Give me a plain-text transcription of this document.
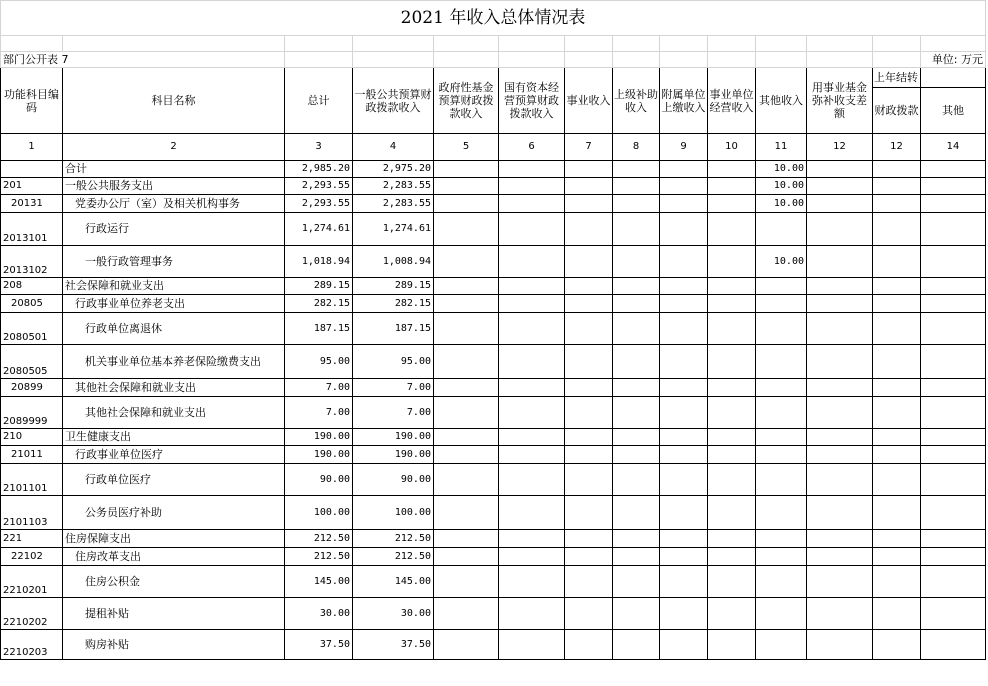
2021 年收入总体情况表													

部门公开表 7													单位: 万元
功能科目编码	科目名称	总计	一般公共预算财政拨款收入	政府性基金预算财政拨款收入	国有资本经营预算财政拨款收入	事业收入	上级补助收入	附属单位上缴收入	事业单位经营收入	其他收入	用事业基金弥补收支差额	上年结转	
												财政拨款	其他
1	2	3	4	5	6	7	8	9	10	11	12	12	14
	合计	2,985.20	2,975.20							10.00			
201	一般公共服务支出	2,293.55	2,283.55							10.00			
20131	党委办公厅（室）及相关机构事务	2,293.55	2,283.55							10.00			
2013101	行政运行	1,274.61	1,274.61										
2013102	一般行政管理事务	1,018.94	1,008.94							10.00			
208	社会保障和就业支出	289.15	289.15										
20805	行政事业单位养老支出	282.15	282.15										
2080501	行政单位离退休	187.15	187.15										
2080505	机关事业单位基本养老保险缴费支出	95.00	95.00										
20899	其他社会保障和就业支出	7.00	7.00										
2089999	其他社会保障和就业支出	7.00	7.00										
210	卫生健康支出	190.00	190.00										
21011	行政事业单位医疗	190.00	190.00										
2101101	行政单位医疗	90.00	90.00										
2101103	公务员医疗补助	100.00	100.00										
221	住房保障支出	212.50	212.50										
22102	住房改革支出	212.50	212.50										
2210201	住房公积金	145.00	145.00										
2210202	提租补贴	30.00	30.00										
2210203	购房补贴	37.50	37.50										
